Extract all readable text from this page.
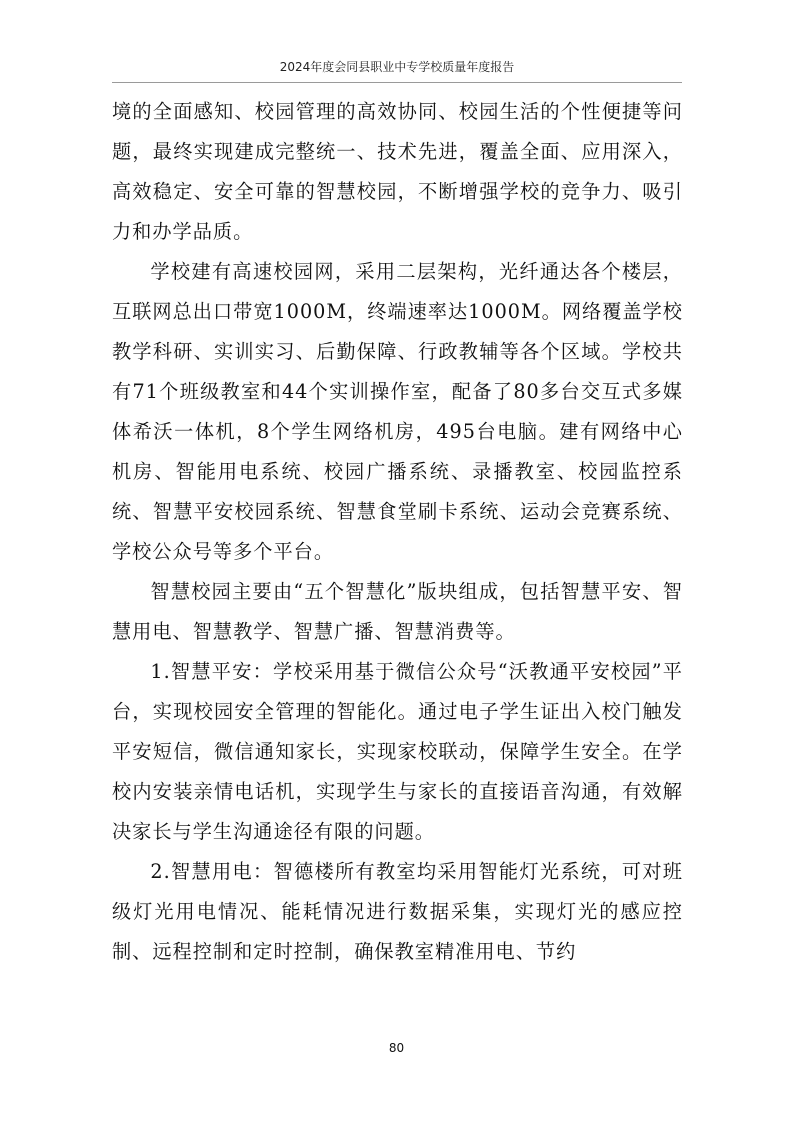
2024年度会同县职业中专学校质量年度报告

境的全面感知、校园管理的高效协同、校园生活的个性便捷等问题，最终实现建成完整统一、技术先进，覆盖全面、应用深入，高效稳定、安全可靠的智慧校园，不断增强学校的竞争力、吸引力和办学品质。

学校建有高速校园网，采用二层架构，光纤通达各个楼层，互联网总出口带宽1000M，终端速率达1000M。网络覆盖学校教学科研、实训实习、后勤保障、行政教辅等各个区域。学校共有71个班级教室和44个实训操作室，配备了80多台交互式多媒体希沃一体机，8个学生网络机房，495台电脑。建有网络中心机房、智能用电系统、校园广播系统、录播教室、校园监控系统、智慧平安校园系统、智慧食堂刷卡系统、运动会竞赛系统、学校公众号等多个平台。

智慧校园主要由“五个智慧化”版块组成，包括智慧平安、智慧用电、智慧教学、智慧广播、智慧消费等。

1.智慧平安：学校采用基于微信公众号“沃教通平安校园”平台，实现校园安全管理的智能化。通过电子学生证出入校门触发平安短信，微信通知家长，实现家校联动，保障学生安全。在学校内安装亲情电话机，实现学生与家长的直接语音沟通，有效解决家长与学生沟通途径有限的问题。

2.智慧用电：智德楼所有教室均采用智能灯光系统，可对班级灯光用电情况、能耗情况进行数据采集，实现灯光的感应控制、远程控制和定时控制，确保教室精准用电、节约

80
